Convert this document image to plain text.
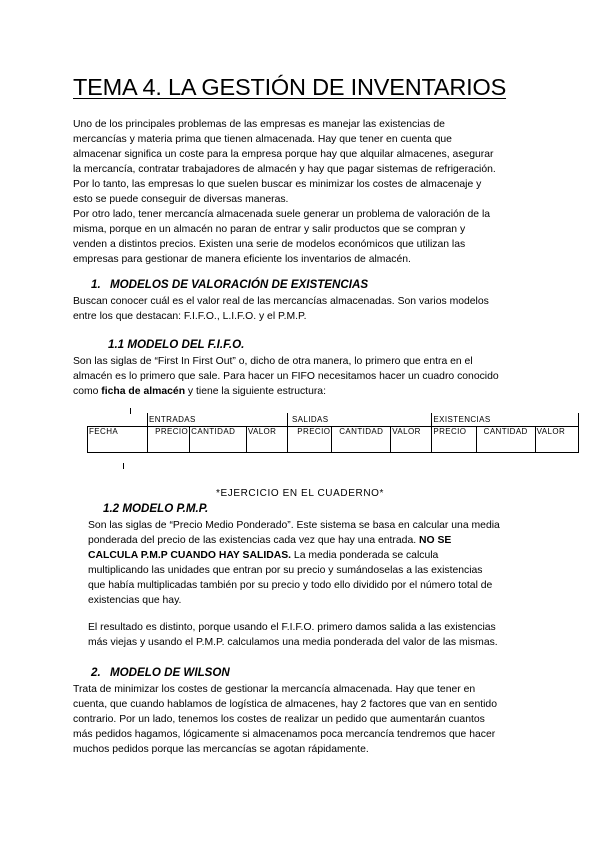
TEMA 4. LA GESTIÓN DE INVENTARIOS
Uno de los principales problemas de las empresas es manejar las existencias de
mercancías y materia prima que tienen almacenada. Hay que tener en cuenta que
almacenar significa un coste para la empresa porque hay que alquilar almacenes, asegurar
la mercancía, contratar trabajadores de almacén y hay que pagar sistemas de refrigeración.
Por lo tanto, las empresas lo que suelen buscar es minimizar los costes de almacenaje y
esto se puede conseguir de diversas maneras.
Por otro lado, tener mercancía almacenada suele generar un problema de valoración de la
misma, porque en un almacén no paran de entrar y salir productos que se compran y
venden a distintos precios. Existen una serie de modelos económicos que utilizan las
empresas para gestionar de manera eficiente los inventarios de almacén.
1. MODELOS DE VALORACIÓN DE EXISTENCIAS
Buscan conocer cuál es el valor real de las mercancías almacenadas. Son varios modelos
entre los que destacan: F.I.F.O., L.I.F.O. y el P.M.P.
1.1 MODELO DEL F.I.F.O.
Son las siglas de “First In First Out” o, dicho de otra manera, lo primero que entra en el
almacén es lo primero que sale. Para hacer un FIFO necesitamos hacer un cuadro conocido
como ficha de almacén y tiene la siguiente estructura:
	ENTRADAS			SALIDAS			EXISTENCIAS		
FECHA	PRECIO	CANTIDAD	VALOR	PRECIO	CANTIDAD	VALOR	PRECIO	CANTIDAD	VALOR
*EJERCICIO EN EL CUADERNO*
1.2 MODELO P.M.P.
Son las siglas de “Precio Medio Ponderado”. Este sistema se basa en calcular una media
ponderada del precio de las existencias cada vez que hay una entrada. NO SE
CALCULA P.M.P CUANDO HAY SALIDAS. La media ponderada se calcula
multiplicando las unidades que entran por su precio y sumándoselas a las existencias
que había multiplicadas también por su precio y todo ello dividido por el número total de
existencias que hay.
El resultado es distinto, porque usando el F.I.F.O. primero damos salida a las existencias
más viejas y usando el P.M.P. calculamos una media ponderada del valor de las mismas.
2. MODELO DE WILSON
Trata de minimizar los costes de gestionar la mercancía almacenada. Hay que tener en
cuenta, que cuando hablamos de logística de almacenes, hay 2 factores que van en sentido
contrario. Por un lado, tenemos los costes de realizar un pedido que aumentarán cuantos
más pedidos hagamos, lógicamente si almacenamos poca mercancía tendremos que hacer
muchos pedidos porque las mercancías se agotan rápidamente.
